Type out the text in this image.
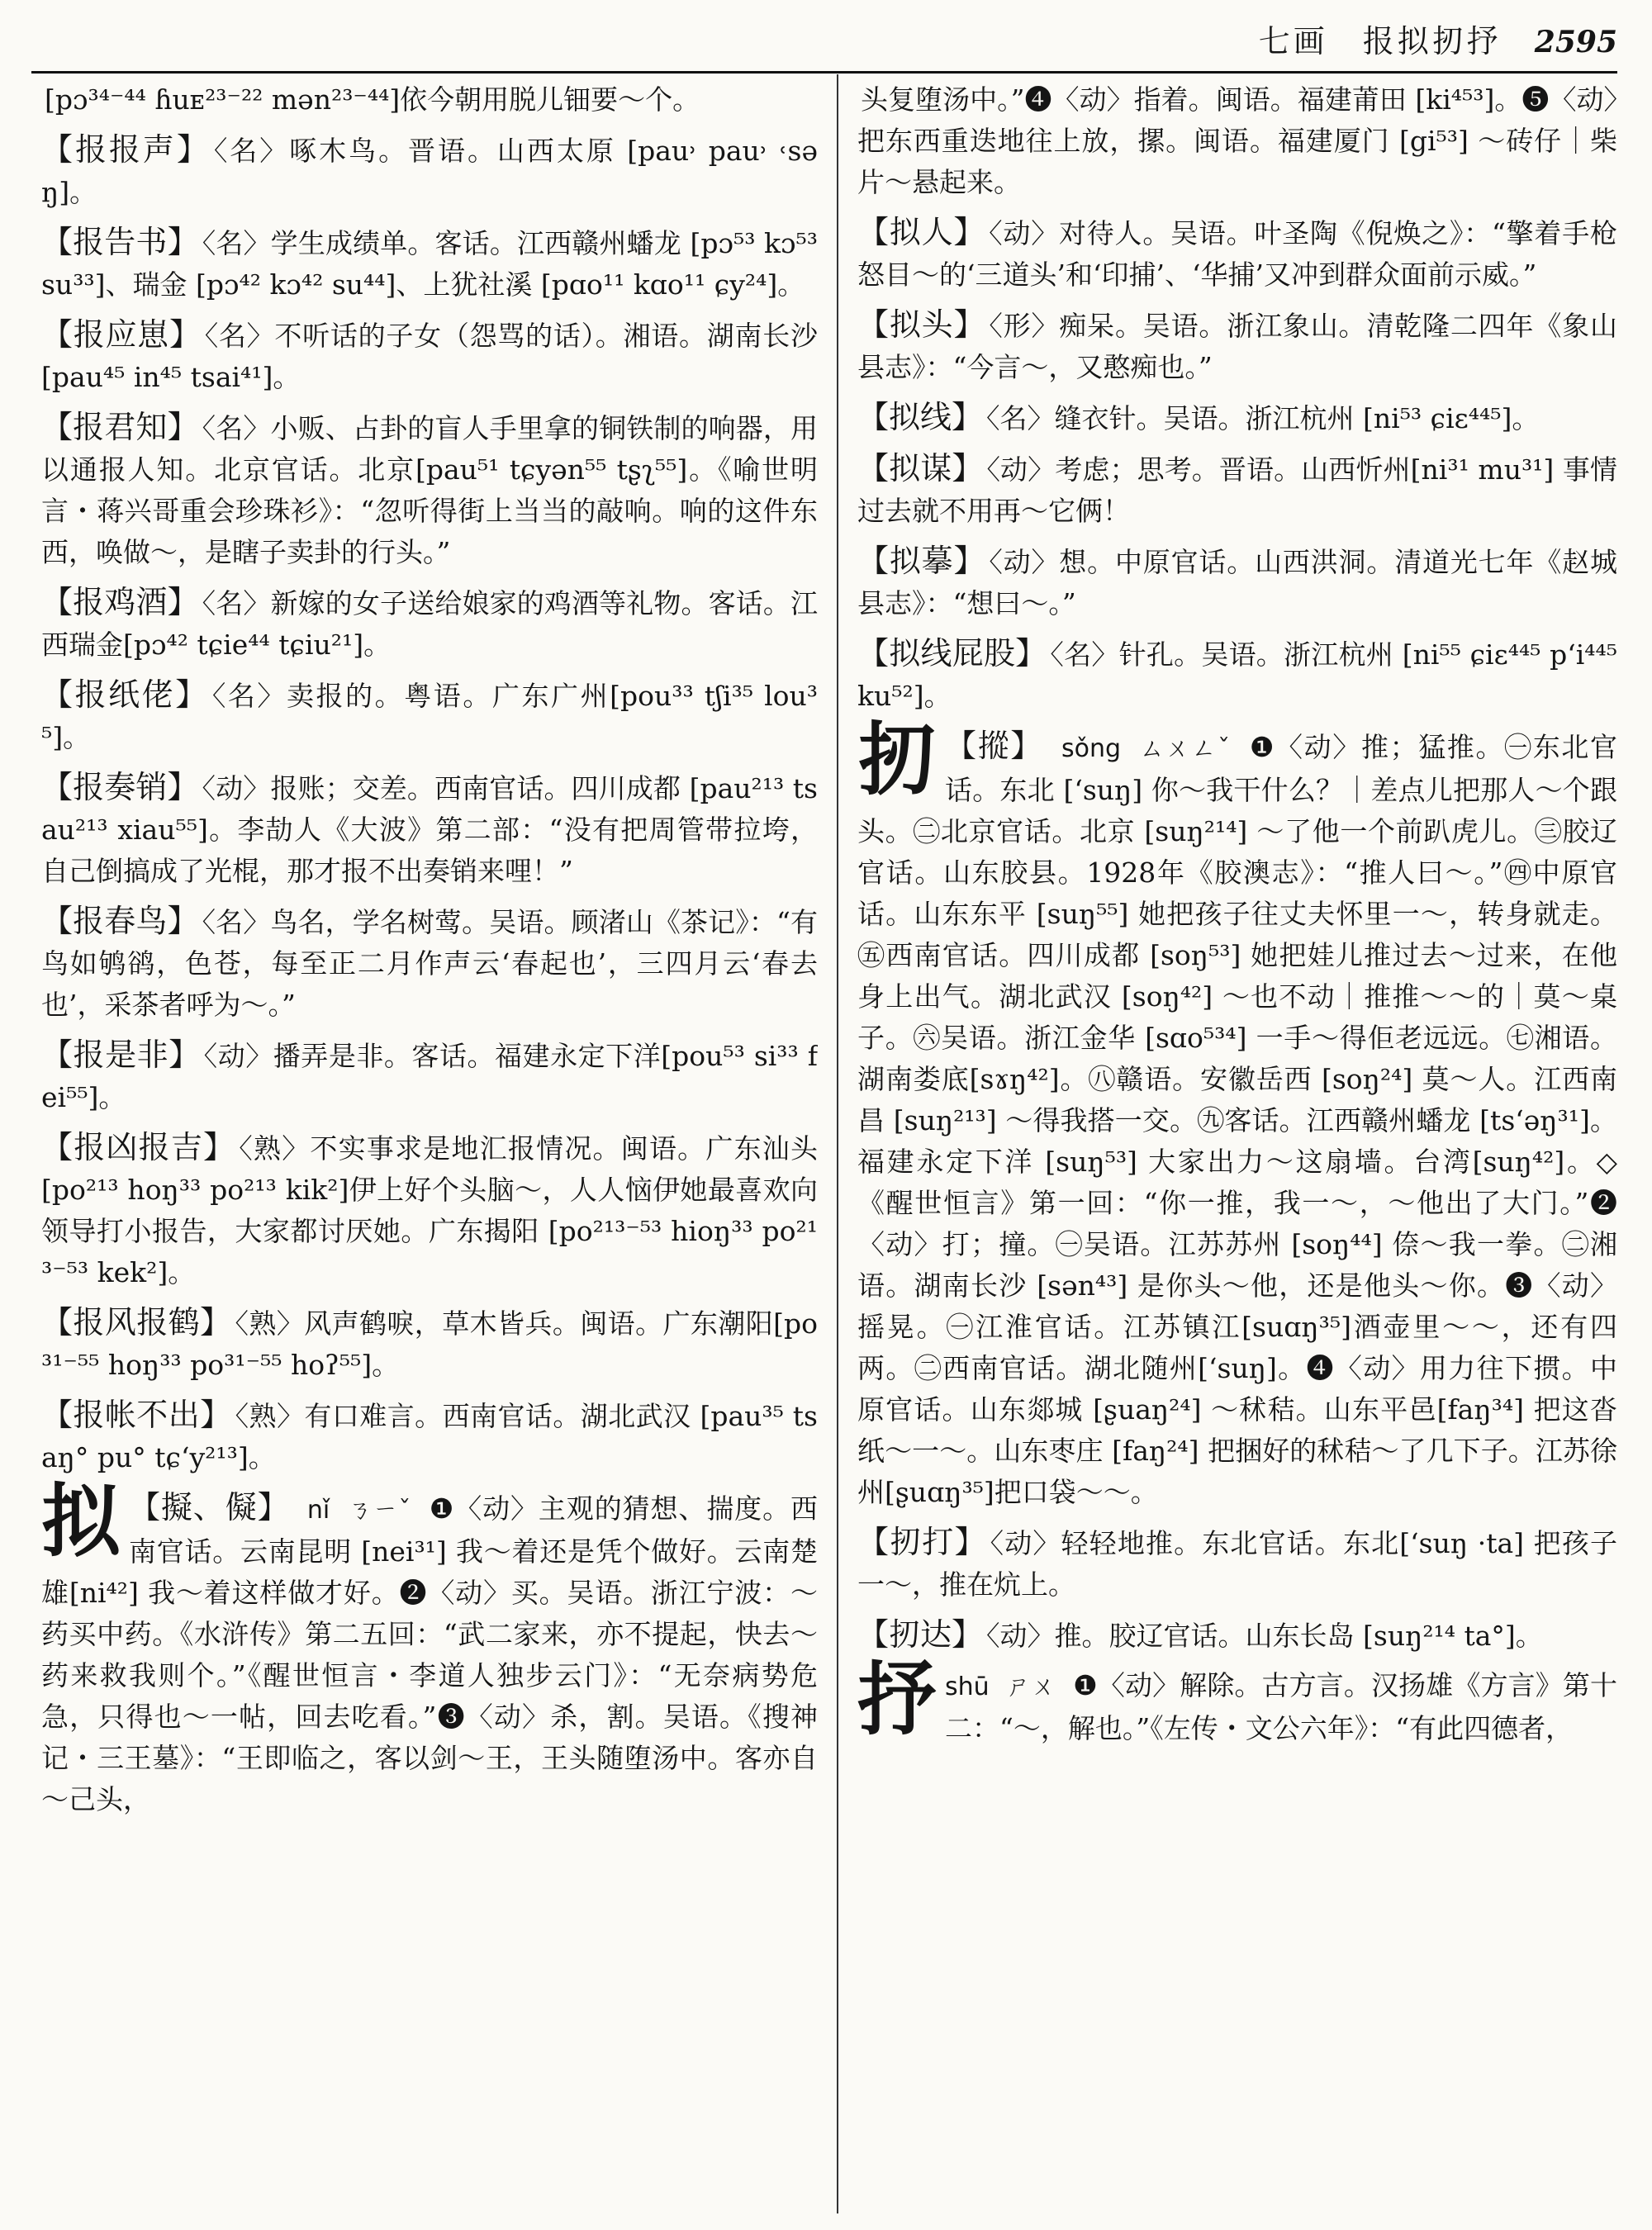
七画　报拟扨抒 2595
[pɔ³⁴⁻⁴⁴ ɦuᴇ²³⁻²² mən²³⁻⁴⁴]依今朝用脱儿钿要～个。
【报报声】 〈名〉啄木鸟。晋语。山西太原 [pau˒ pau˒ ˓səŋ]。
【报告书】 〈名〉学生成绩单。客话。江西赣州蟠龙 [pɔ⁵³ kɔ⁵³ su³³]、瑞金 [pɔ⁴² kɔ⁴² su⁴⁴]、上犹社溪 [pɑo¹¹ kɑo¹¹ ɕy²⁴]。
【报应崽】 〈名〉不听话的子女（怨骂的话）。湘语。湖南长沙 [pau⁴⁵ in⁴⁵ tsai⁴¹]。
【报君知】 〈名〉小贩、占卦的盲人手里拿的铜铁制的响器，用以通报人知。北京官话。北京[pau⁵¹ tɕyən⁵⁵ tʂʅ⁵⁵]。《喻世明言・蒋兴哥重会珍珠衫》：“忽听得街上当当的敲响。响的这件东西，唤做～，是瞎子卖卦的行头。”
【报鸡酒】 〈名〉新嫁的女子送给娘家的鸡酒等礼物。客话。江西瑞金[pɔ⁴² tɕie⁴⁴ tɕiu²¹]。
【报纸佬】 〈名〉卖报的。粤语。广东广州[pou³³ tʃi³⁵ lou³⁵]。
【报奏销】 〈动〉报账；交差。西南官话。四川成都 [pau²¹³ tsau²¹³ xiau⁵⁵]。李劼人《大波》第二部：“没有把周管带拉垮，自己倒搞成了光棍，那才报不出奏销来哩！”
【报春鸟】 〈名〉鸟名，学名树莺。吴语。顾渚山《茶记》：“有鸟如鸲鹆，色苍，每至正二月作声云‘春起也’，三四月云‘春去也’，采茶者呼为～。”
【报是非】 〈动〉播弄是非。客话。福建永定下洋[pou⁵³ si³³ fei⁵⁵]。
【报凶报吉】 〈熟〉不实事求是地汇报情况。闽语。广东汕头[po²¹³ hoŋ³³ po²¹³ kik²]伊上好个头脑～，人人恼伊她最喜欢向领导打小报告，大家都讨厌她。广东揭阳 [po²¹³⁻⁵³ hioŋ³³ po²¹³⁻⁵³ kek²]。
【报风报鹤】 〈熟〉风声鹤唳，草木皆兵。闽语。广东潮阳[po³¹⁻⁵⁵ hoŋ³³ po³¹⁻⁵⁵ hoʔ⁵⁵]。
【报帐不出】 〈熟〉有口难言。西南官话。湖北武汉 [pau³⁵ tsaŋ° pu° tɕʻy²¹³]。
拟 【擬、儗】 nǐ ㄋㄧˇ ❶〈动〉主观的猜想、揣度。西南官话。云南昆明 [nei³¹] 我～着还是凭个做好。云南楚雄[ni⁴²] 我～着这样做才好。❷〈动〉买。吴语。浙江宁波：～药买中药。《水浒传》第二五回：“武二家来，亦不提起，快去～药来救我则个。”《醒世恒言・李道人独步云门》：“无奈病势危急，只得也～一帖，回去吃看。”❸〈动〉杀，割。吴语。《搜神记・三王墓》：“王即临之，客以剑～王，王头随堕汤中。客亦自～己头，
头复堕汤中。”❹〈动〉指着。闽语。福建莆田 [ki⁴⁵³]。❺〈动〉把东西重迭地往上放，摞。闽语。福建厦门 [gi⁵³] ～砖仔｜柴片～悬起来。
【拟人】 〈动〉对待人。吴语。叶圣陶《倪焕之》：“擎着手枪怒目～的‘三道头’和‘印捕’、‘华捕’又冲到群众面前示威。”
【拟头】 〈形〉痴呆。吴语。浙江象山。清乾隆二四年《象山县志》：“今言～，又憨痴也。”
【拟线】 〈名〉缝衣针。吴语。浙江杭州 [ni⁵³ ɕiɛ⁴⁴⁵]。
【拟谋】 〈动〉考虑；思考。晋语。山西忻州[ni³¹ mu³¹] 事情过去就不用再～它俩！
【拟摹】 〈动〉想。中原官话。山西洪洞。清道光七年《赵城县志》：“想曰～。”
【拟线屁股】 〈名〉针孔。吴语。浙江杭州 [ni⁵⁵ ɕiɛ⁴⁴⁵ pʻi⁴⁴⁵ ku⁵²]。
扨 【摐】 sǒng ㄙㄨㄥˇ ❶〈动〉推；猛推。㊀东北官话。东北 [ʻsuŋ] 你～我干什么？｜差点儿把那人～个跟头。㊁北京官话。北京 [suŋ²¹⁴] ～了他一个前趴虎儿。㊂胶辽官话。山东胶县。1928年《胶澳志》：“推人曰～。”㊃中原官话。山东东平 [suŋ⁵⁵] 她把孩子往丈夫怀里一～，转身就走。㊄西南官话。四川成都 [soŋ⁵³] 她把娃儿推过去～过来，在他身上出气。湖北武汉 [soŋ⁴²] ～也不动｜推推～～的｜莫～桌子。㊅吴语。浙江金华 [sɑo⁵³⁴] 一手～得佢老远远。㊆湘语。湖南娄底[sɤŋ⁴²]。㊇赣语。安徽岳西 [soŋ²⁴] 莫～人。江西南昌 [suŋ²¹³] ～得我搭一交。㊈客话。江西赣州蟠龙 [tsʻəŋ³¹]。福建永定下洋 [suŋ⁵³] 大家出力～这扇墙。台湾[suŋ⁴²]。◇《醒世恒言》第一回：“你一推，我一～，～他出了大门。”❷〈动〉打；撞。㊀吴语。江苏苏州 [soŋ⁴⁴] 倷～我一拳。㊁湘语。湖南长沙 [sən⁴³] 是你头～他，还是他头～你。❸〈动〉摇晃。㊀江淮官话。江苏镇江[suɑŋ³⁵]酒壶里～～，还有四两。㊁西南官话。湖北随州[ʻsuŋ]。❹〈动〉用力往下掼。中原官话。山东郯城 [ʂuaŋ²⁴] ～秫秸。山东平邑[faŋ³⁴] 把这沓纸～一～。山东枣庄 [faŋ²⁴] 把捆好的秫秸～了几下子。江苏徐州[ʂuɑŋ³⁵]把口袋～～。
【扨打】 〈动〉轻轻地推。东北官话。东北[ʻsuŋ ·ta] 把孩子一～，推在炕上。
【扨达】 〈动〉推。胶辽官话。山东长岛 [suŋ²¹⁴ ta°]。
抒 shū ㄕㄨ ❶〈动〉解除。古方言。汉扬雄《方言》第十二：“～，解也。”《左传・文公六年》：“有此四德者，
